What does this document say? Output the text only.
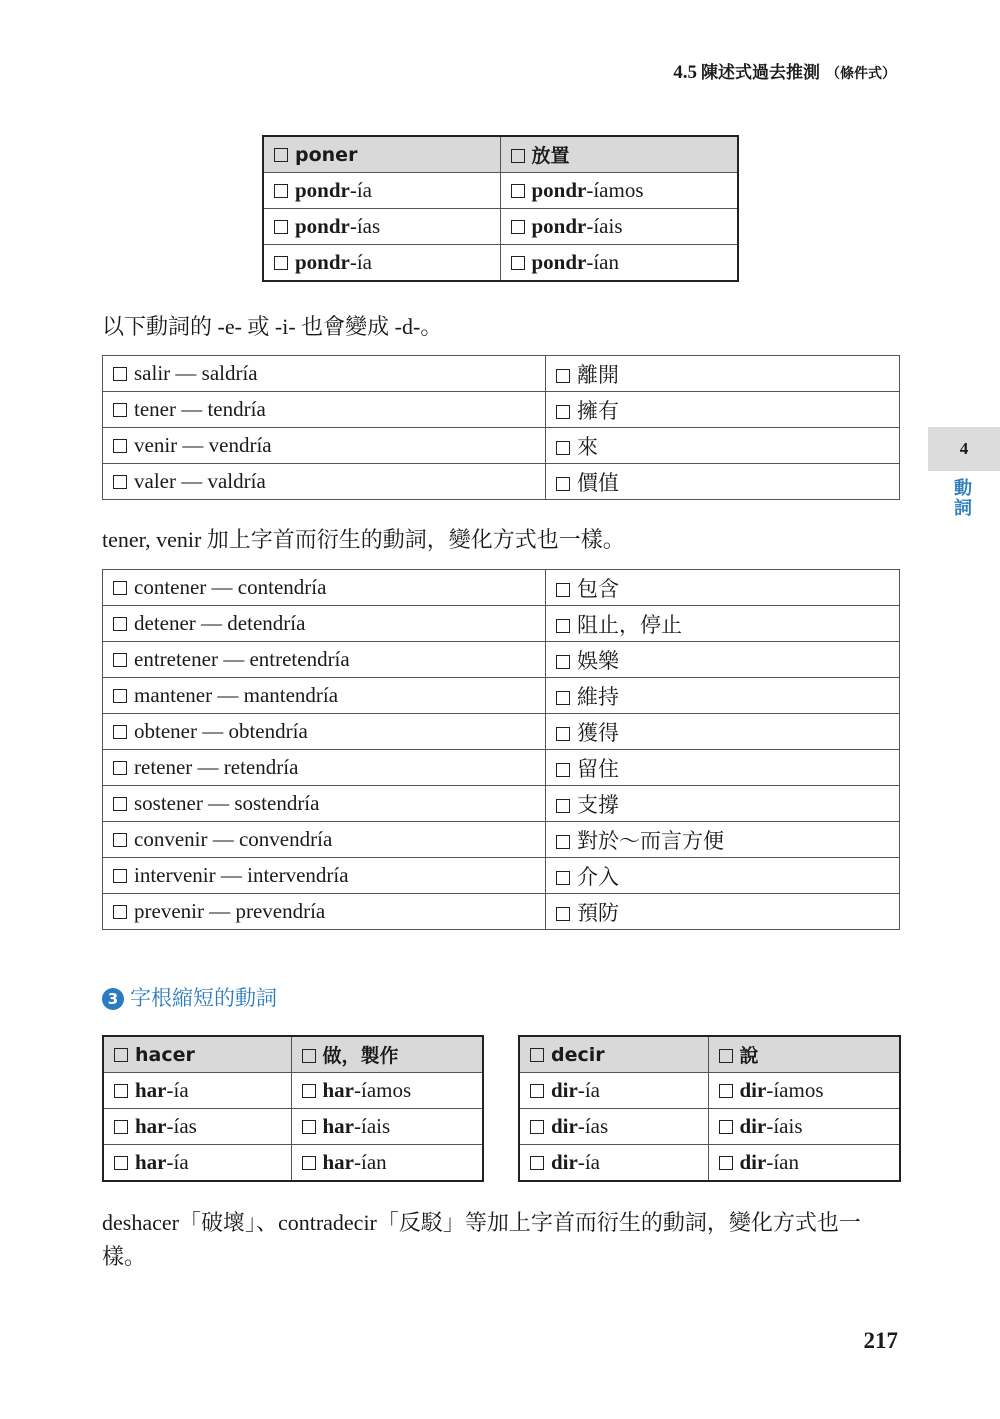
4.5 陳述式過去推測 （條件式）
poner	放置
pondr-ía	pondr-íamos
pondr-ías	pondr-íais
pondr-ía	pondr-ían
以下動詞的 -e- 或 -i- 也會變成 -d-。
salir — saldría	離開
tener — tendría	擁有
venir — vendría	來
valer — valdría	價值
tener, venir 加上字首而衍生的動詞，變化方式也一樣。
contener — contendría	包含
detener — detendría	阻止，停止
entretener — entretendría	娛樂
mantener — mantendría	維持
obtener — obtendría	獲得
retener — retendría	留住
sostener — sostendría	支撐
convenir — convendría	對於～而言方便
intervenir — intervendría	介入
prevenir — prevendría	預防
3 字根縮短的動詞
hacer	做，製作
har-ía	har-íamos
har-ías	har-íais
har-ía	har-ían
decir	說
dir-ía	dir-íamos
dir-ías	dir-íais
dir-ía	dir-ían
deshacer「破壞」、contradecir「反駁」等加上字首而衍生的動詞，變化方式也一樣。
4
動詞
217
